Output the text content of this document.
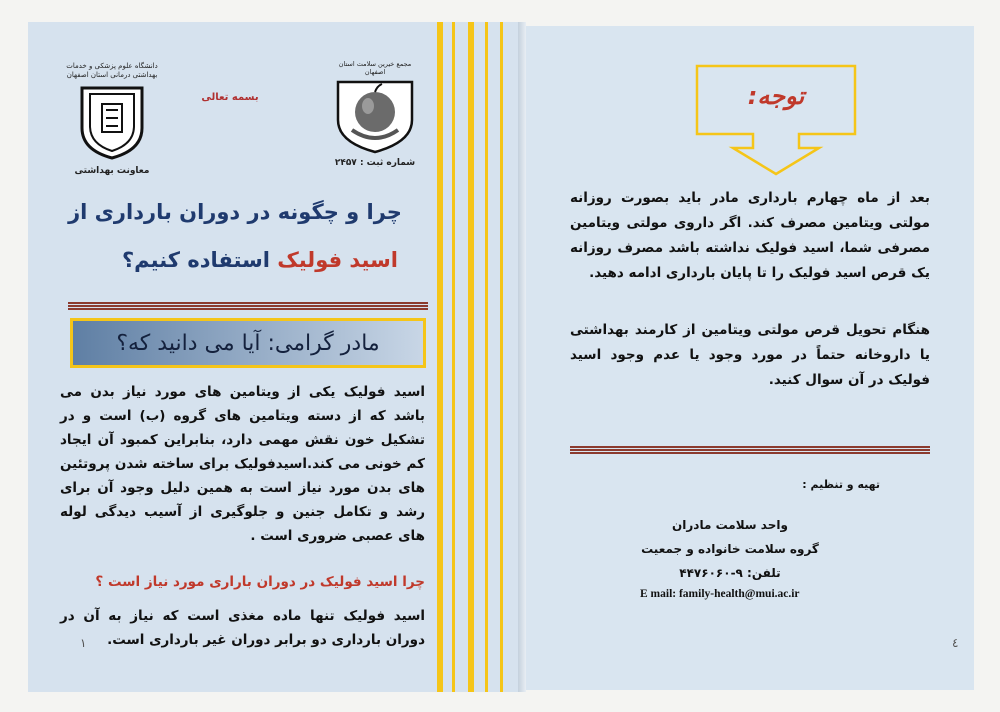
دانشگاه علوم پزشکی و خدمات بهداشتی درمانی استان اصفهان
معاونت بهداشتی
بسمه تعالی
مجمع خیرین سلامت استان اصفهان
شماره ثبت : ۲۴۵۷
چرا و چگونه در دوران بارداری از
اسید فولیک استفاده کنیم؟
مادر گرامی: آیا می دانید که؟
اسید فولیک یکی از ویتامین های مورد نیاز بدن می باشد که از دسته ویتامین های گروه (ب) است و در تشکیل خون نقش مهمی دارد، بنابراین کمبود آن ایجاد کم خونی می کند.اسیدفولیک برای ساخته شدن پروتئین های بدن مورد نیاز است به همین دلیل وجود آن برای رشد و تکامل جنین و جلوگیری از آسیب دیدگی لوله های عصبی ضروری است .
چرا اسید فولیک در دوران باراری مورد نیاز است ؟
اسید فولیک تنها ماده مغذی است که نیاز به آن در دوران بارداری دو برابر دوران غیر بارداری است.
۱
توجه:
بعد از ماه چهارم بارداری مادر باید بصورت روزانه مولتی ویتامین مصرف کند. اگر داروی مولتی ویتامین مصرفی شما، اسید فولیک نداشته باشد مصرف روزانه یک قرص اسید فولیک را تا پایان بارداری ادامه دهید.
هنگام تحویل قرص مولتی ویتامین از کارمند بهداشتی یا داروخانه حتماً در مورد وجود یا عدم وجود اسید فولیک در آن سوال کنید.
تهیه و تنظیم :
واحد سلامت مادران
گروه سلامت خانواده و جمعیت
تلفن: ۹-۴۴۷۶۰۶۰
E mail: family-health@mui.ac.ir
٤
